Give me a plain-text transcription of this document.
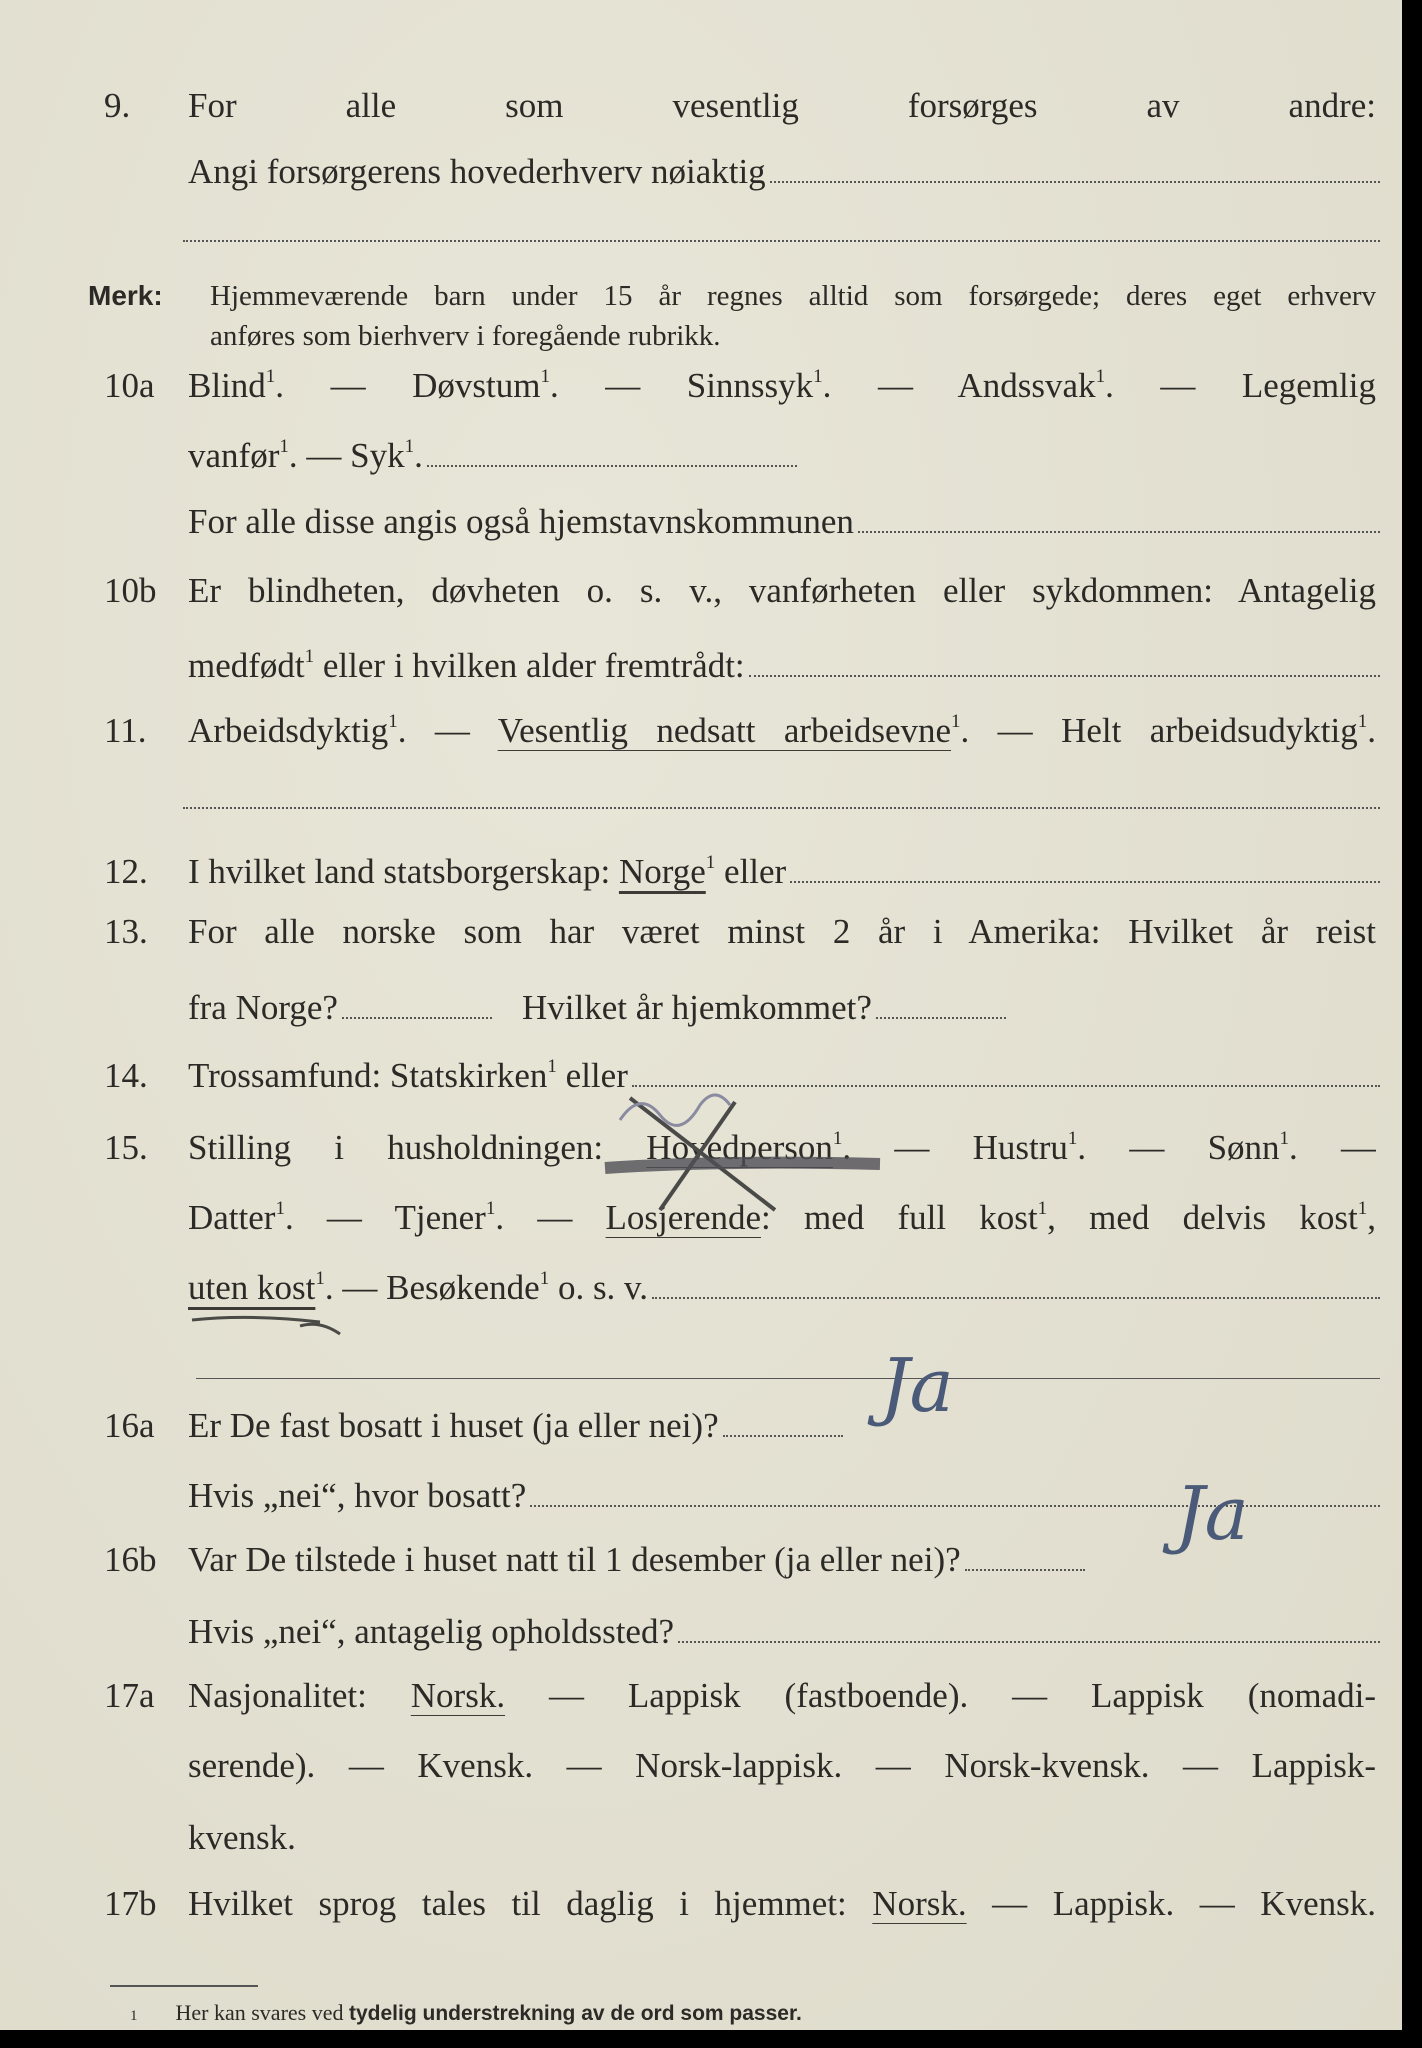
9. For alle som vesentlig forsørges av andre:
Angi forsørgerens hovederhverv nøiaktig
Merk: Hjemmeværende barn under 15 år regnes alltid som forsørgede; deres eget erhverv
anføres som bierhverv i foregående rubrikk.
10a Blind$^1$. — Døvstum$^1$. — Sinnssyk$^1$. — Andssvak$^1$. — Legemlig
vanfør$^1$. — Syk$^1$.
For alle disse angis også hjemstavnskommunen
10b Er blindheten, døvheten o. s. v., vanførheten eller sykdommen: Antagelig
medfødt$^1$ eller i hvilken alder fremtrådt:
11. Arbeidsdyktig$^1$. — Vesentlig nedsatt arbeidsevne$^1$. — Helt arbeidsudyktig$^1$.
12. I hvilket land statsborgerskap: Norge$^1$ eller
13. For alle norske som har været minst 2 år i Amerika: Hvilket år reist
fra Norge?	Hvilket år hjemkommet?
14. Trossamfund: Statskirken$^1$ eller
15. Stilling i husholdningen: Hovedperson$^1$. — Hustru$^1$. — Sønn$^1$. —
Datter$^1$. — Tjener$^1$. — Losjerende: med full kost$^1$, med delvis kost$^1$,
uten kost$^1$. — Besøkende$^1$ o. s. v.
16a Er De fast bosatt i huset (ja eller nei)? Ja
Hvis „nei“, hvor bosatt?
16b Var De tilstede i huset natt til 1 desember (ja eller nei)?
Ja
Hvis „nei“, antagelig opholdssted?
17a Nasjonalitet: Norsk. — Lappisk (fastboende). — Lappisk (nomadi-
serende). — Kvensk. — Norsk-lappisk. — Norsk-kvensk. — Lappisk-
kvensk.
17b Hvilket sprog tales til daglig i hjemmet: Norsk. — Lappisk. — Kvensk.
1 Her kan svares ved tydelig understrekning av de ord som passer.
